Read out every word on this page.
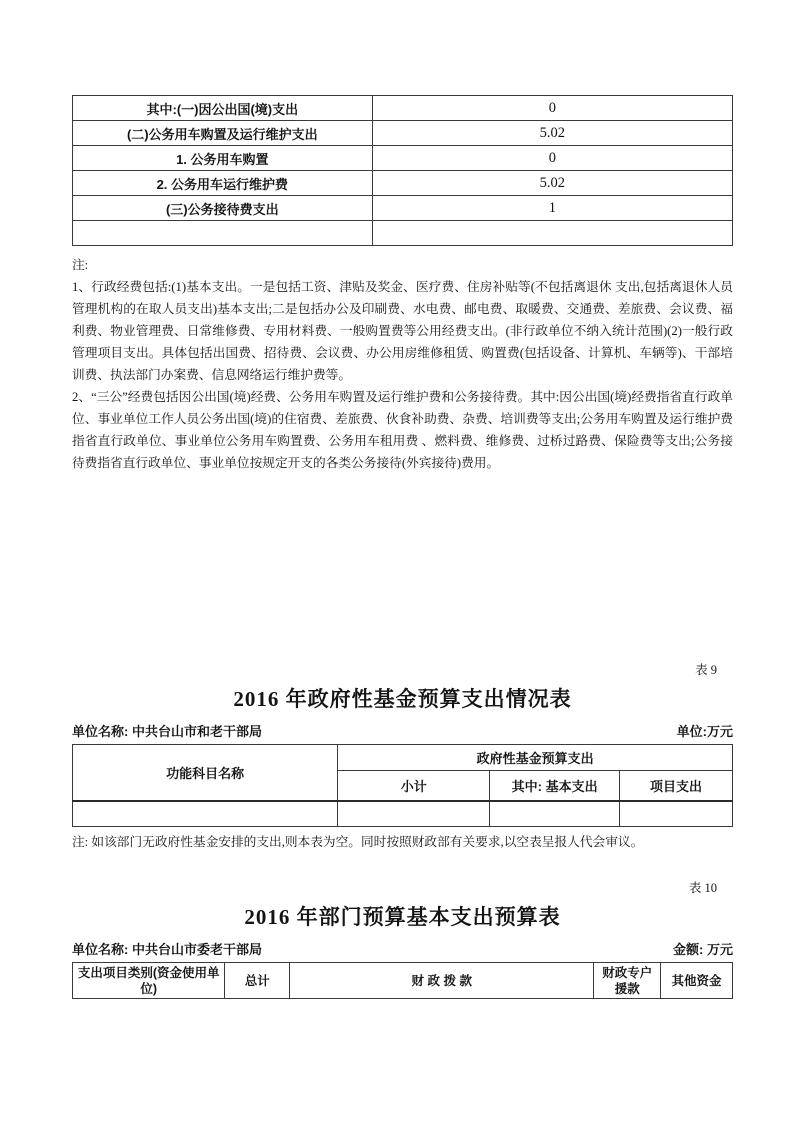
其中:(一)因公出国(境)支出	0
(二)公务用车购置及运行维护支出	5.02
1. 公务用车购置	0
2. 公务用车运行维护费	5.02
(三)公务接待费支出	1

注:
1、行政经费包括:(1)基本支出。一是包括工资、津贴及奖金、医疗费、住房补贴等(不包括离退休 支出,包括离退休人员管理机构的在取人员支出)基本支出;二是包括办公及印刷费、水电费、邮电费、取暖费、交通费、差旅费、会议费、福利费、物业管理费、日常维修费、专用材料费、一般购置费等公用经费支出。(非行政单位不纳入统计范围)(2)一般行政管理项目支出。具体包括出国费、招待费、会议费、办公用房维修租赁、购置费(包括设备、计算机、车辆等)、干部培训费、执法部门办案费、信息网络运行维护费等。
2、“三公”经费包括因公出国(境)经费、公务用车购置及运行维护费和公务接待费。其中:因公出国(境)经费指省直行政单位、事业单位工作人员公务出国(境)的住宿费、差旅费、伙食补助费、杂费、培训费等支出;公务用车购置及运行维护费指省直行政单位、事业单位公务用车购置费、公务用车租用费 、燃料费、维修费、过桥过路费、保险费等支出;公务接待费指省直行政单位、事业单位按规定开支的各类公务接待(外宾接待)费用。
表 9
2016 年政府性基金预算支出情况表
单位名称: 中共台山市和老干部局	单位:万元
功能科目名称	政府性基金预算支出		
	小计	其中: 基本支出	项目支出

注: 如该部门无政府性基金安排的支出,则本表为空。同时按照财政部有关要求,以空表呈报人代会审议。
表 10
2016 年部门预算基本支出预算表
单位名称: 中共台山市委老干部局	金额: 万元
支出项目类别(资金使用单位)	总计	财 政 拨 款	财政专户援款	其他资金
